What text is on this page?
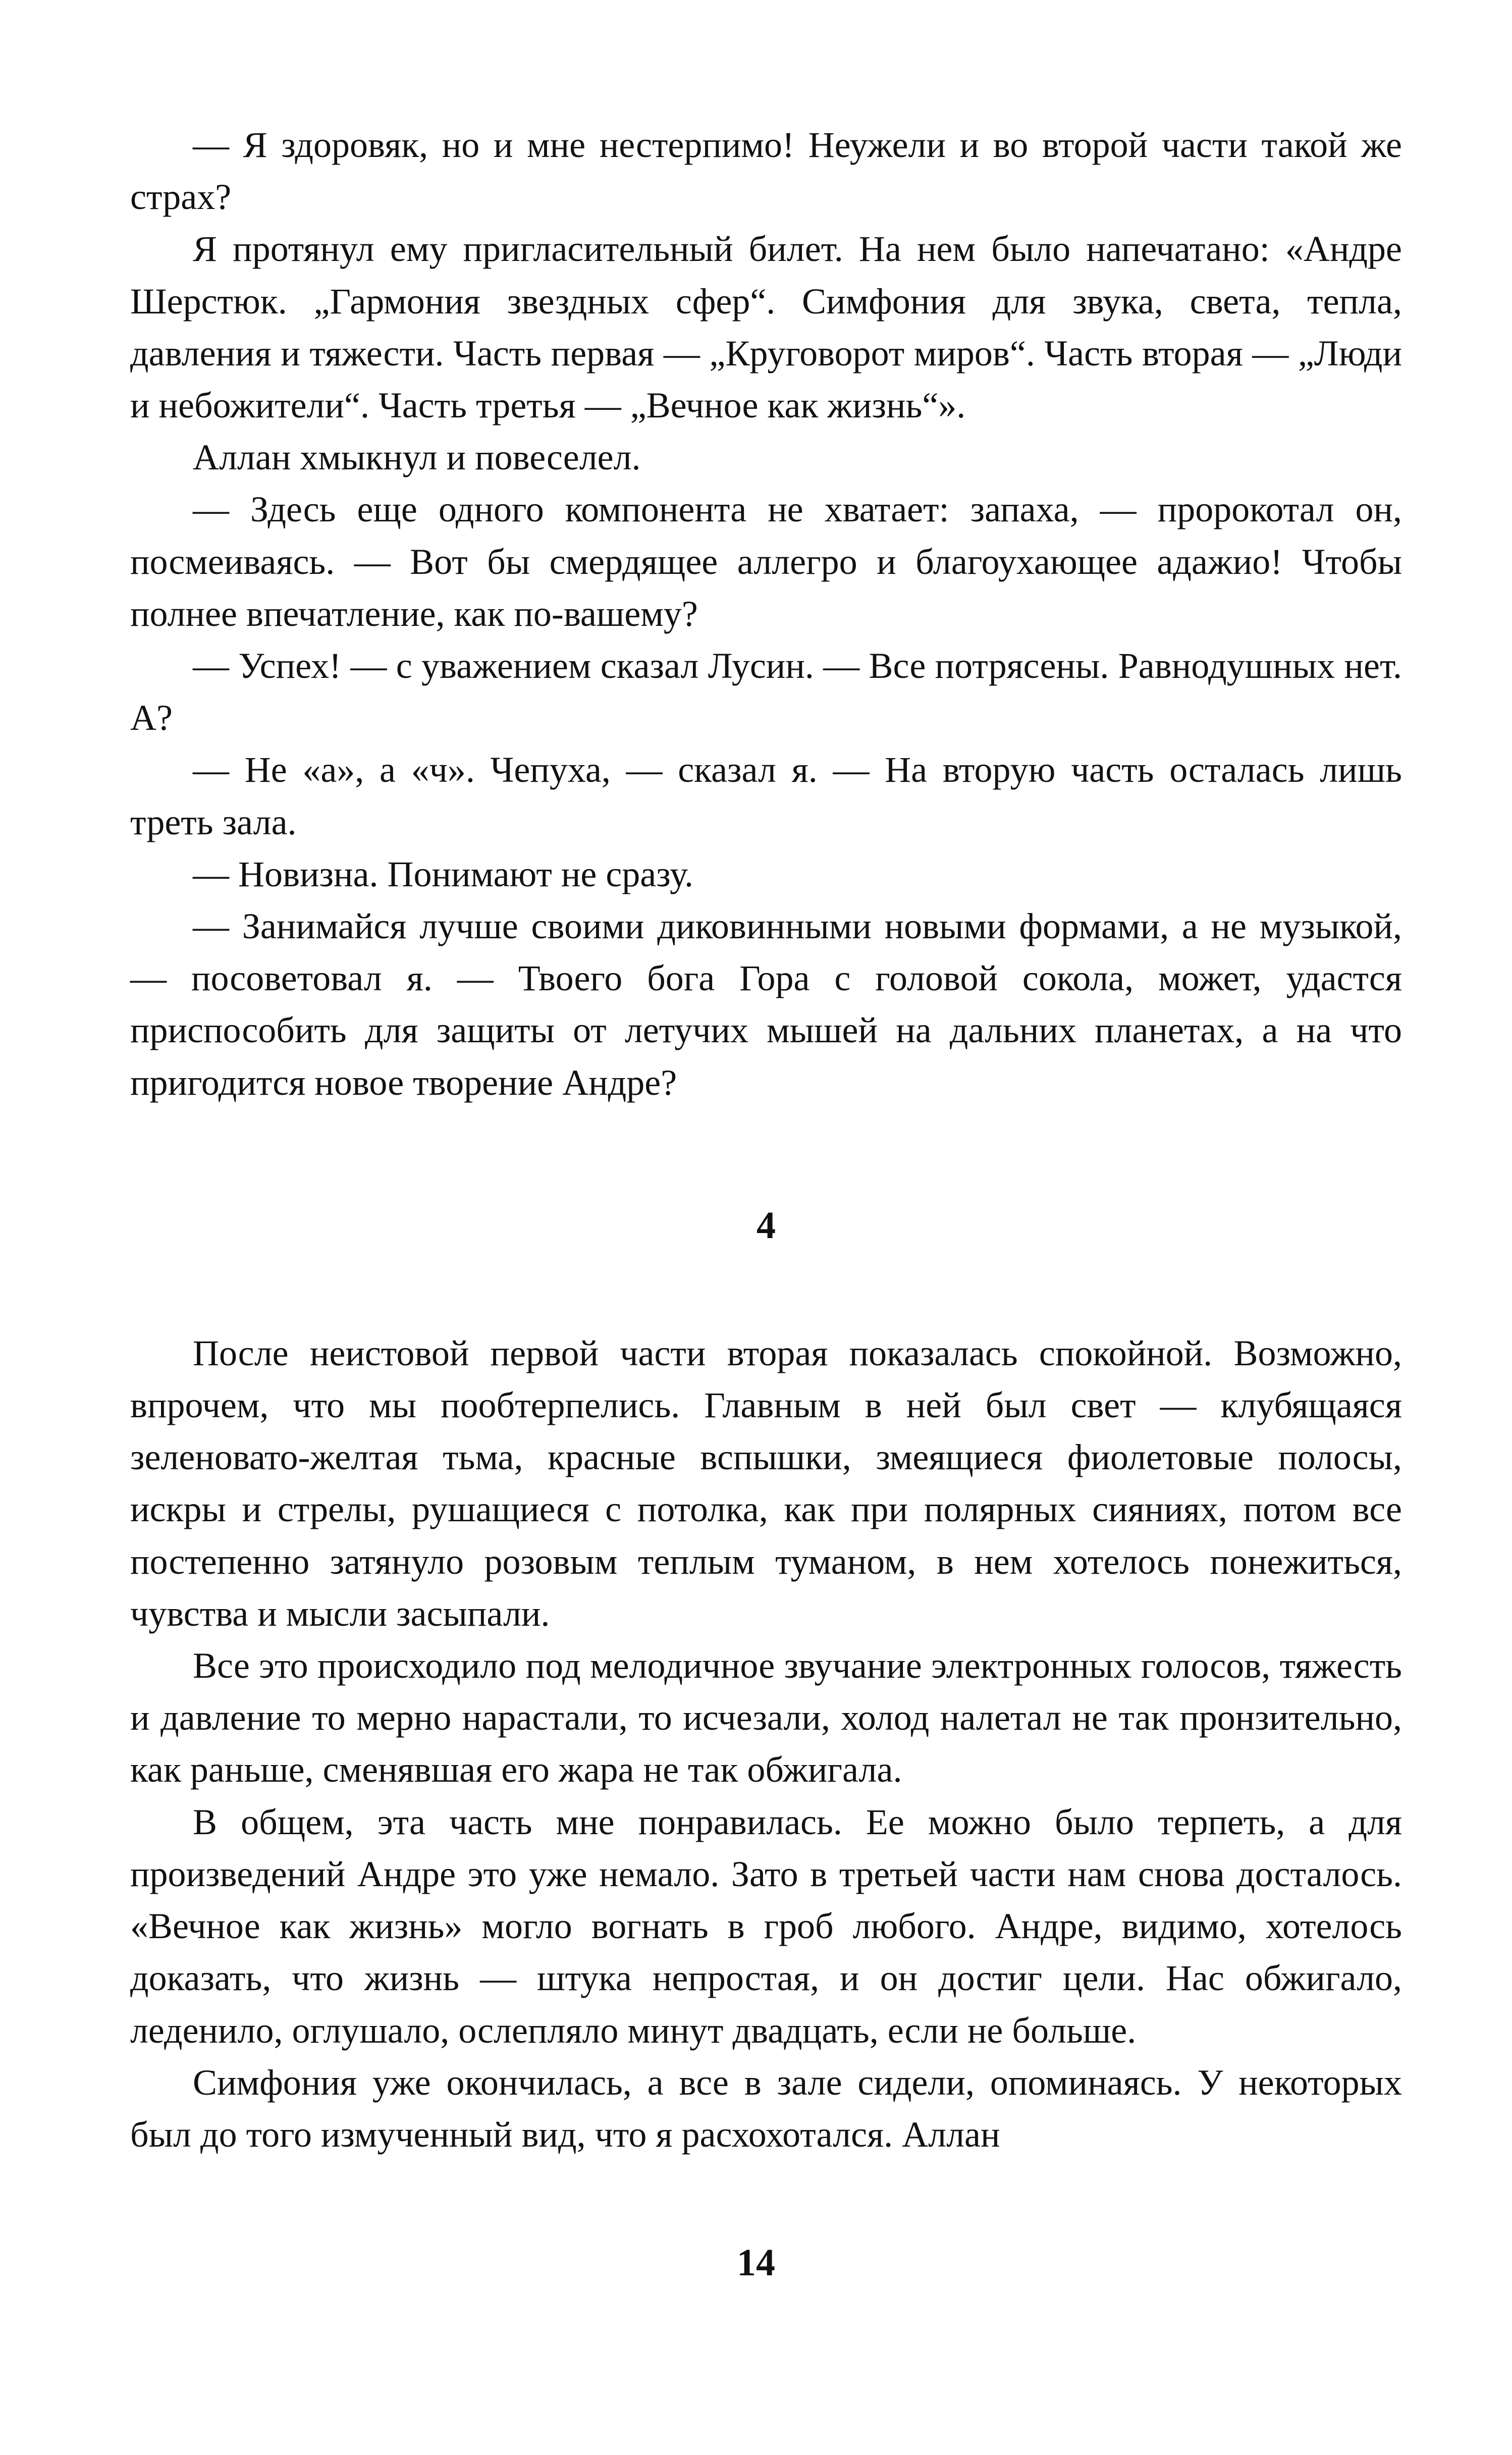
— Я здоровяк, но и мне нестерпимо! Неужели и во второй части такой же страх?

Я протянул ему пригласительный билет. На нем было напечатано: «Андре Шерстюк. „Гармония звездных сфер“. Симфония для звука, света, тепла, давления и тяжести. Часть первая — „Круговорот миров“. Часть вторая — „Люди и небожители“. Часть третья — „Вечное как жизнь“».

Аллан хмыкнул и повеселел.

— Здесь еще одного компонента не хватает: запаха, — пророкотал он, посмеиваясь. — Вот бы смердящее аллегро и благоухающее адажио! Чтобы полнее впечатление, как по-вашему?

— Успех! — с уважением сказал Лусин. — Все потрясены. Равнодушных нет. А?

— Не «а», а «ч». Чепуха, — сказал я. — На вторую часть осталась лишь треть зала.

— Новизна. Понимают не сразу.

— Занимайся лучше своими диковинными новыми формами, а не музыкой, — посоветовал я. — Твоего бога Гора с головой сокола, может, удастся приспособить для защиты от летучих мышей на дальних планетах, а на что пригодится новое творение Андре?

4

После неистовой первой части вторая показалась спокойной. Возможно, впрочем, что мы пообтерпелись. Главным в ней был свет — клубящаяся зеленовато-желтая тьма, красные вспышки, змеящиеся фиолетовые полосы, искры и стрелы, рушащиеся с потолка, как при полярных сияниях, потом все постепенно затянуло розовым теплым туманом, в нем хотелось понежиться, чувства и мысли засыпали.

Все это происходило под мелодичное звучание электронных голосов, тяжесть и давление то мерно нарастали, то исчезали, холод налетал не так пронзительно, как раньше, сменявшая его жара не так обжигала.

В общем, эта часть мне понравилась. Ее можно было терпеть, а для произведений Андре это уже немало. Зато в третьей части нам снова досталось. «Вечное как жизнь» могло вогнать в гроб любого. Андре, видимо, хотелось доказать, что жизнь — штука непростая, и он достиг цели. Нас обжигало, леденило, оглушало, ослепляло минут двадцать, если не больше.

Симфония уже окончилась, а все в зале сидели, опоминаясь. У некоторых был до того измученный вид, что я расхохотался. Аллан

14
